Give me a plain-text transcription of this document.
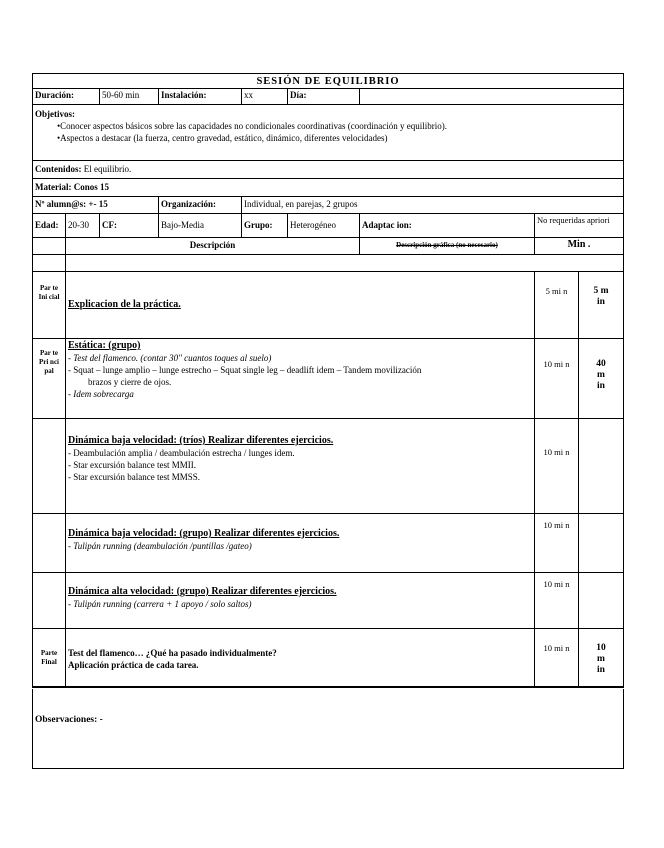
SESIÓN DE EQUILIBRIO
Duración:	50-60 min	Instalación:	xx	Día:
Objetivos:
• Conocer aspectos básicos sobre las capacidades no condicionales coordinativas (coordinación y equilibrio).
• Aspectos a destacar (la fuerza, centro gravedad, estático, dinámico, diferentes velocidades)
Contenidos: El equilibrio.
Material: Conos 15
Nº alumn@s: +- 15	Organización:	Individual, en parejas, 2 grupos
Edad:	20-30	CF:	Bajo-Media	Grupo:	Heterogéneo	Adaptac ion:	No requeridas apriori
Descripción	Descripción gráfica (no necesario)	Min .
Par te Ini cial
Explicacion de la práctica.
5 mi n	5 m in
Par te Pri nci pal
Estática: (grupo)
- Test del flamenco. (contar 30" cuantos toques al suelo)
- Squat – lunge amplio – lunge estrecho – Squat single leg – deadlift idem – Tandem movilización
brazos y cierre de ojos.
- Idem sobrecarga
10 mi n	40 m in
Dinámica baja velocidad: (tríos) Realizar diferentes ejercicios.
- Deambulación amplia / deambulación estrecha / lunges idem.
- Star excursión balance test MMII.
- Star excursión balance test MMSS.
10 mi n
Dinámica baja velocidad: (grupo) Realizar diferentes ejercicios.
- Tulipán running (deambulación /puntillas /gateo)
10 mi n
Dinámica alta velocidad: (grupo) Realizar diferentes ejercicios.
- Tulipán running (carrera + 1 apoyo / solo saltos)
10 mi n
Parte Final
Test del flamenco… ¿Qué ha pasado individualmente?
Aplicación práctica de cada tarea.
10 mi n	10 m in
Observaciones: -
